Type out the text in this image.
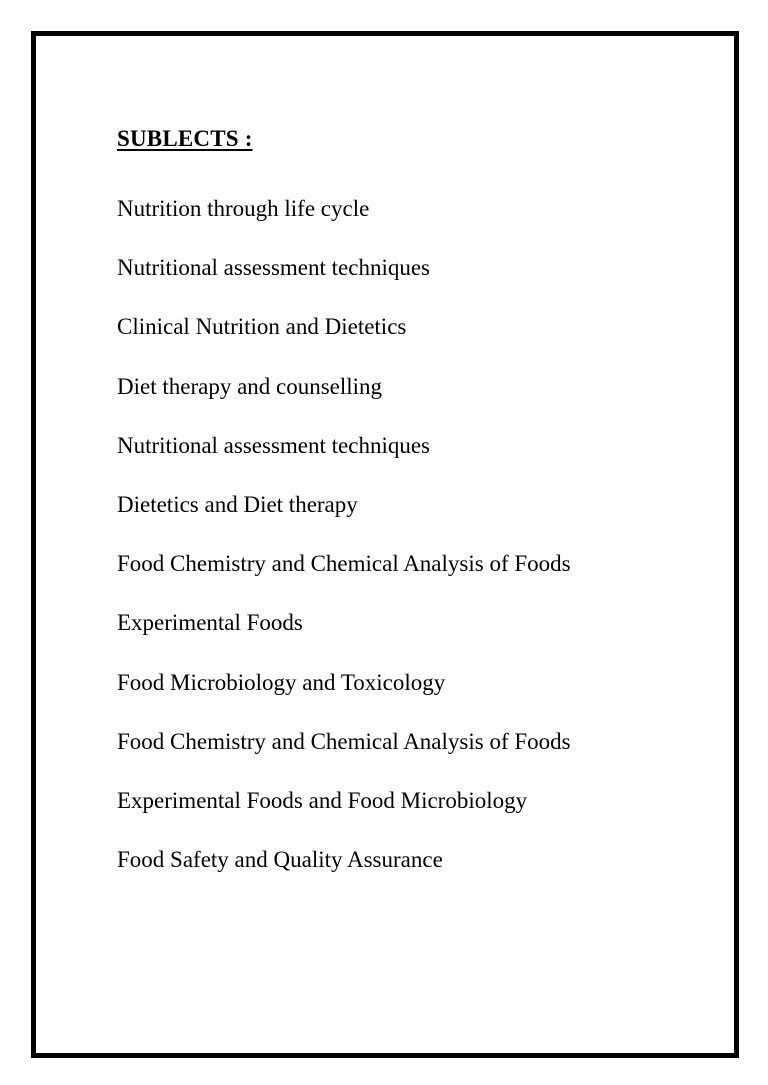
SUBLECTS :
Nutrition through life cycle
Nutritional assessment techniques
Clinical Nutrition and Dietetics
Diet therapy and counselling
Nutritional assessment techniques
Dietetics and Diet therapy
Food Chemistry and Chemical Analysis of Foods
Experimental Foods
Food Microbiology and Toxicology
Food Chemistry and Chemical Analysis of Foods
Experimental Foods and Food Microbiology
Food Safety and Quality Assurance
